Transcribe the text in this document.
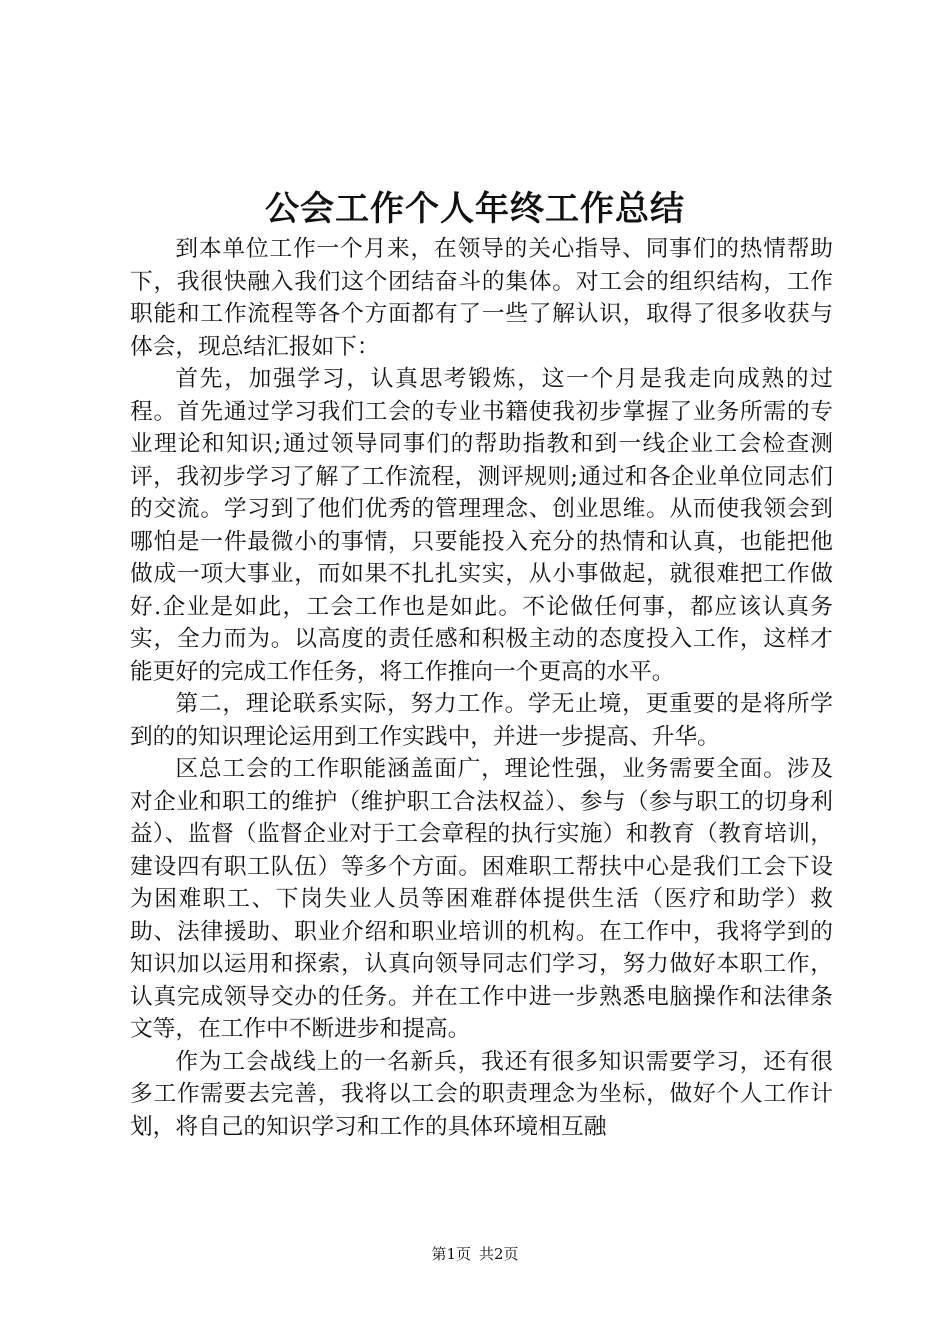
公会工作个人年终工作总结

到本单位工作一个月来，在领导的关心指导、同事们的热情帮助下，我很快融入我们这个团结奋斗的集体。对工会的组织结构，工作职能和工作流程等各个方面都有了一些了解认识，取得了很多收获与体会，现总结汇报如下：

首先，加强学习，认真思考锻炼，这一个月是我走向成熟的过程。首先通过学习我们工会的专业书籍使我初步掌握了业务所需的专业理论和知识;通过领导同事们的帮助指教和到一线企业工会检查测评，我初步学习了解了工作流程，测评规则;通过和各企业单位同志们的交流。学习到了他们优秀的管理理念、创业思维。从而使我领会到哪怕是一件最微小的事情，只要能投入充分的热情和认真，也能把他做成一项大事业，而如果不扎扎实实，从小事做起，就很难把工作做好.企业是如此，工会工作也是如此。不论做任何事，都应该认真务实，全力而为。以高度的责任感和积极主动的态度投入工作，这样才能更好的完成工作任务，将工作推向一个更高的水平。

第二，理论联系实际，努力工作。学无止境，更重要的是将所学到的的知识理论运用到工作实践中，并进一步提高、升华。

区总工会的工作职能涵盖面广，理论性强，业务需要全面。涉及对企业和职工的维护（维护职工合法权益）、参与（参与职工的切身利益）、监督（监督企业对于工会章程的执行实施）和教育（教育培训，建设四有职工队伍）等多个方面。困难职工帮扶中心是我们工会下设为困难职工、下岗失业人员等困难群体提供生活（医疗和助学）救助、法律援助、职业介绍和职业培训的机构。在工作中，我将学到的知识加以运用和探索，认真向领导同志们学习，努力做好本职工作，认真完成领导交办的任务。并在工作中进一步熟悉电脑操作和法律条文等，在工作中不断进步和提高。

作为工会战线上的一名新兵，我还有很多知识需要学习，还有很多工作需要去完善，我将以工会的职责理念为坐标，做好个人工作计划，将自己的知识学习和工作的具体环境相互融

第1页 共2页
